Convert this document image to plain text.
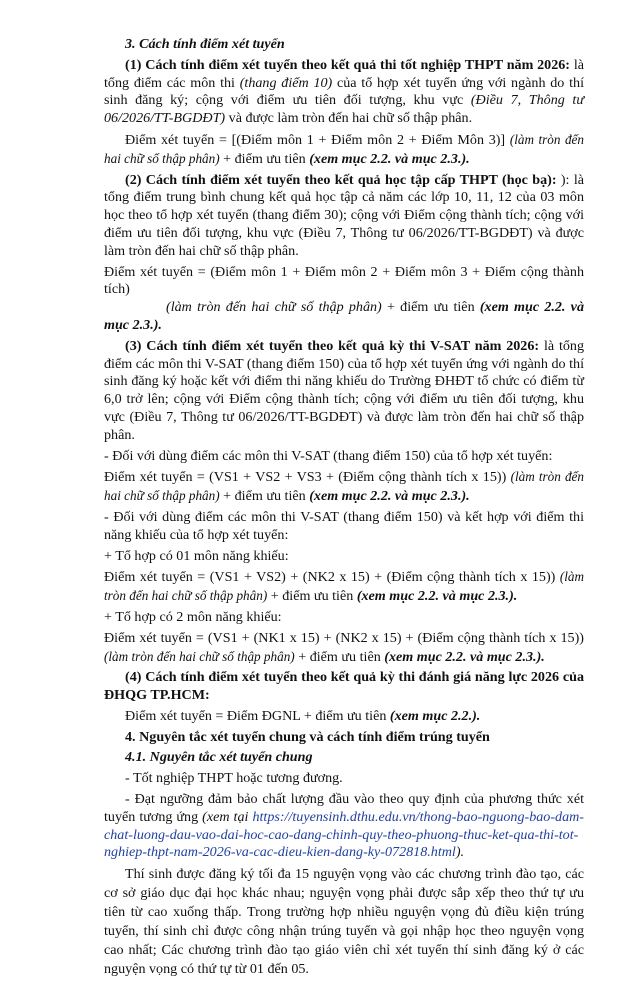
3. Cách tính điểm xét tuyển

(1) Cách tính điểm xét tuyển theo kết quả thi tốt nghiệp THPT năm 2026: là tổng điểm các môn thi (thang điểm 10) của tổ hợp xét tuyển ứng với ngành do thí sinh đăng ký; cộng với điểm ưu tiên đối tượng, khu vực (Điều 7, Thông tư 06/2026/TT-BGDĐT) và được làm tròn đến hai chữ số thập phân.

Điểm xét tuyển = [(Điểm môn 1 + Điểm môn 2 + Điểm Môn 3)] (làm tròn đến hai chữ số thập phân) + điểm ưu tiên (xem mục 2.2. và mục 2.3.).

(2) Cách tính điểm xét tuyển theo kết quả học tập cấp THPT (học bạ): ): là tổng điểm trung bình chung kết quả học tập cả năm các lớp 10, 11, 12 của 03 môn học theo tổ hợp xét tuyển (thang điểm 30); cộng với Điểm cộng thành tích; cộng với điểm ưu tiên đối tượng, khu vực (Điều 7, Thông tư 06/2026/TT-BGDĐT) và được làm tròn đến hai chữ số thập phân.

Điểm xét tuyển = (Điểm môn 1 + Điểm môn 2 + Điểm môn 3 + Điểm cộng thành tích)
(làm tròn đến hai chữ số thập phân) + điểm ưu tiên (xem mục 2.2. và mục 2.3.).

(3) Cách tính điểm xét tuyển theo kết quả kỳ thi V-SAT năm 2026: là tổng điểm các môn thi V-SAT (thang điểm 150) của tổ hợp xét tuyển ứng với ngành do thí sinh đăng ký hoặc kết với điểm thi năng khiếu do Trường ĐHĐT tổ chức có điểm từ 6,0 trở lên; cộng với Điểm cộng thành tích; cộng với điểm ưu tiên đối tượng, khu vực (Điều 7, Thông tư 06/2026/TT-BGDĐT) và được làm tròn đến hai chữ số thập phân.

- Đối với dùng điểm các môn thi V-SAT (thang điểm 150) của tổ hợp xét tuyển:

Điểm xét tuyển = (VS1 + VS2 + VS3 + (Điểm cộng thành tích x 15)) (làm tròn đến hai chữ số thập phân) + điểm ưu tiên (xem mục 2.2. và mục 2.3.).

- Đối với dùng điểm các môn thi V-SAT (thang điểm 150) và kết hợp với điểm thi năng khiếu của tổ hợp xét tuyển:

+ Tổ hợp có 01 môn năng khiếu:

Điểm xét tuyển = (VS1 + VS2) + (NK2 x 15) + (Điểm cộng thành tích x 15)) (làm tròn đến hai chữ số thập phân) + điểm ưu tiên (xem mục 2.2. và mục 2.3.).

+ Tổ hợp có 2 môn năng khiếu:

Điểm xét tuyển = (VS1 + (NK1 x 15) + (NK2 x 15) + (Điểm cộng thành tích x 15)) (làm tròn đến hai chữ số thập phân) + điểm ưu tiên (xem mục 2.2. và mục 2.3.).

(4) Cách tính điểm xét tuyển theo kết quả kỳ thi đánh giá năng lực 2026 của ĐHQG TP.HCM:

Điểm xét tuyển = Điểm ĐGNL + điểm ưu tiên (xem mục 2.2.).

4. Nguyên tắc xét tuyển chung và cách tính điểm trúng tuyển

4.1. Nguyên tắc xét tuyển chung

- Tốt nghiệp THPT hoặc tương đương.

- Đạt ngưỡng đảm bảo chất lượng đầu vào theo quy định của phương thức xét tuyển tương ứng (xem tại https://tuyensinh.dthu.edu.vn/thong-bao-nguong-bao-dam-chat-luong-dau-vao-dai-hoc-cao-dang-chinh-quy-theo-phuong-thuc-ket-qua-thi-tot-nghiep-thpt-nam-2026-va-cac-dieu-kien-dang-ky-072818.html).

Thí sinh được đăng ký tối đa 15 nguyện vọng vào các chương trình đào tạo, các cơ sở giáo dục đại học khác nhau; nguyện vọng phải được sắp xếp theo thứ tự ưu tiên từ cao xuống thấp. Trong trường hợp nhiều nguyện vọng đủ điều kiện trúng tuyển, thí sinh chỉ được công nhận trúng tuyển và gọi nhập học theo nguyện vọng cao nhất; Các chương trình đào tạo giáo viên chỉ xét tuyển thí sinh đăng ký ở các nguyện vọng có thứ tự từ 01 đến 05.
